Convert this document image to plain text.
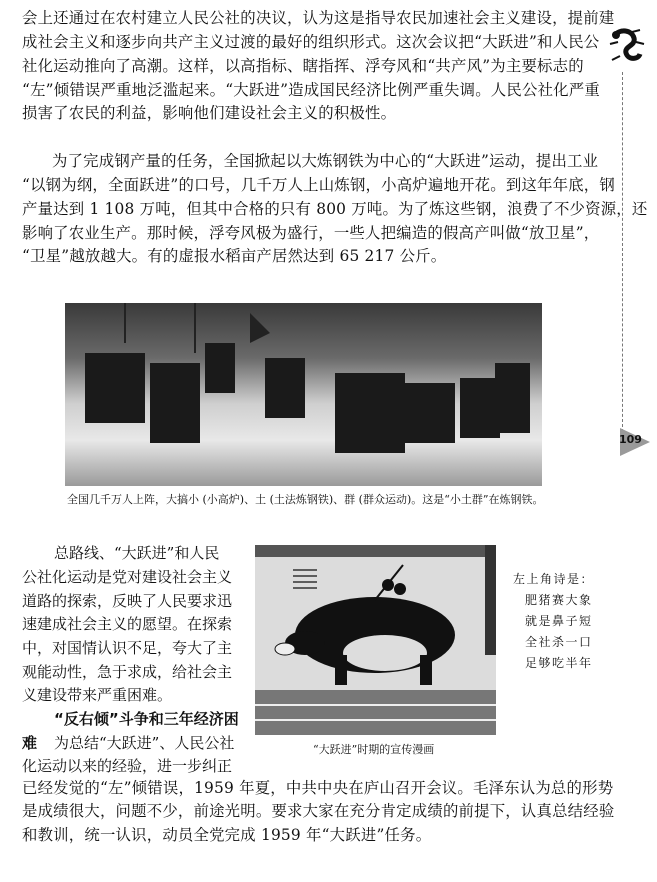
109
会上还通过在农村建立人民公社的决议，认为这是指导农民加速社会主义建设，提前建
成社会主义和逐步向共产主义过渡的最好的组织形式。这次会议把“大跃进”和人民公
社化运动推向了高潮。这样，以高指标、瞎指挥、浮夸风和“共产风”为主要标志的
“左”倾错误严重地泛滥起来。“大跃进”造成国民经济比例严重失调。人民公社化严重
损害了农民的利益，影响他们建设社会主义的积极性。
为了完成钢产量的任务，全国掀起以大炼钢铁为中心的“大跃进”运动，提出工业
“以钢为纲，全面跃进”的口号，几千万人上山炼钢，小高炉遍地开花。到这年年底，钢
产量达到 1 108 万吨，但其中合格的只有 800 万吨。为了炼这些钢，浪费了不少资源，还
影响了农业生产。那时候，浮夸风极为盛行，一些人把编造的假高产叫做“放卫星”，
“卫星”越放越大。有的虚报水稻亩产居然达到 65 217 公斤。
全国几千万人上阵，大搞小 (小高炉)、土 (土法炼钢铁)、群 (群众运动)。这是“小土群”在炼钢铁。
总路线、“大跃进”和人民
公社化运动是党对建设社会主义
道路的探索，反映了人民要求迅
速建成社会主义的愿望。在探索
中，对国情认识不足，夸大了主
观能动性，急于求成，给社会主
义建设带来严重困难。
“反右倾”斗争和三年经济困
难 为总结“大跃进”、人民公社
化运动以来的经验，进一步纠正
“大跃进”时期的宣传漫画
左上角诗是：
肥猪赛大象
就是鼻子短
全社杀一口
足够吃半年
已经发觉的“左”倾错误，1959 年夏，中共中央在庐山召开会议。毛泽东认为总的形势
是成绩很大，问题不少，前途光明。要求大家在充分肯定成绩的前提下，认真总结经验
和教训，统一认识，动员全党完成 1959 年“大跃进”任务。
